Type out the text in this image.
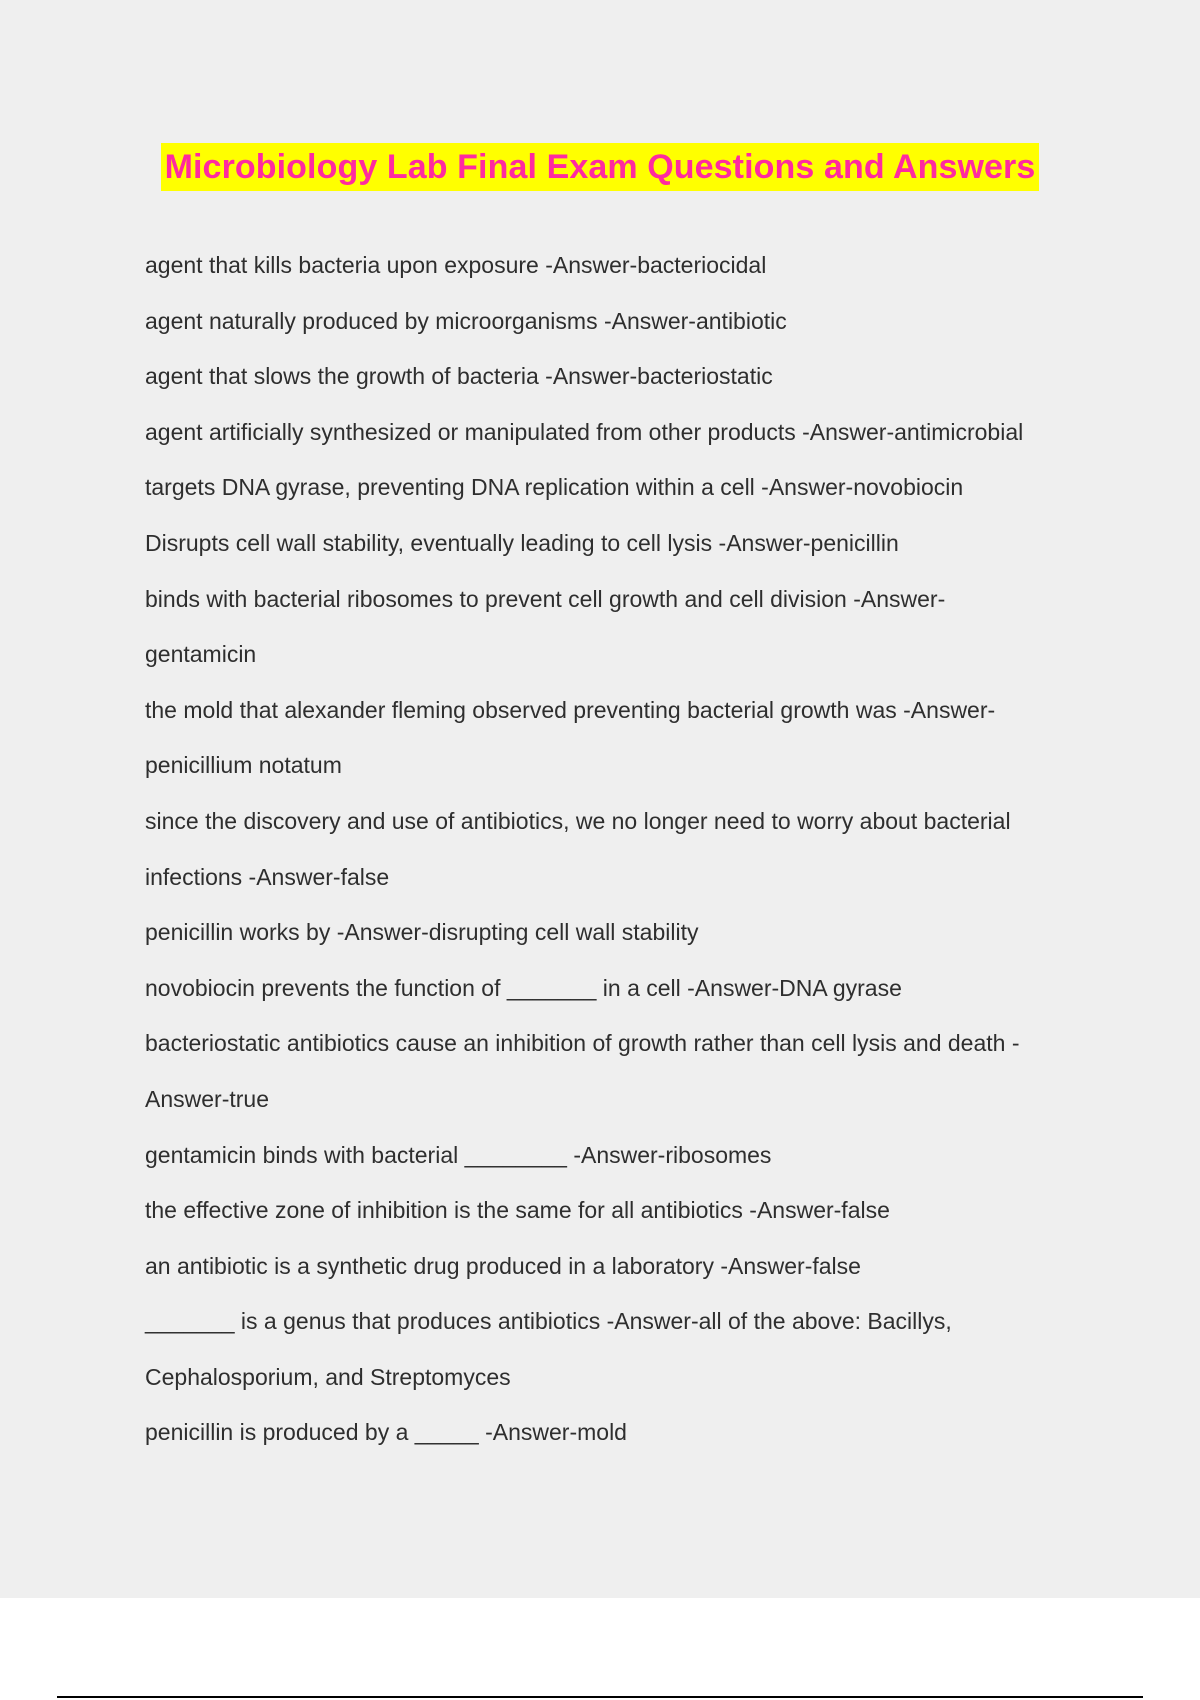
Microbiology Lab Final Exam Questions and Answers
agent that kills bacteria upon exposure -Answer-bacteriocidal
agent naturally produced by microorganisms -Answer-antibiotic
agent that slows the growth of bacteria -Answer-bacteriostatic
agent artificially synthesized or manipulated from other products -Answer-antimicrobial
targets DNA gyrase, preventing DNA replication within a cell -Answer-novobiocin
Disrupts cell wall stability, eventually leading to cell lysis -Answer-penicillin
binds with bacterial ribosomes to prevent cell growth and cell division -Answer-
gentamicin
the mold that alexander fleming observed preventing bacterial growth was -Answer-
penicillium notatum
since the discovery and use of antibiotics, we no longer need to worry about bacterial
infections -Answer-false
penicillin works by -Answer-disrupting cell wall stability
novobiocin prevents the function of _______ in a cell -Answer-DNA gyrase
bacteriostatic antibiotics cause an inhibition of growth rather than cell lysis and death -
Answer-true
gentamicin binds with bacterial ________ -Answer-ribosomes
the effective zone of inhibition is the same for all antibiotics -Answer-false
an antibiotic is a synthetic drug produced in a laboratory -Answer-false
_______ is a genus that produces antibiotics -Answer-all of the above: Bacillys,
Cephalosporium, and Streptomyces
penicillin is produced by a _____ -Answer-mold
